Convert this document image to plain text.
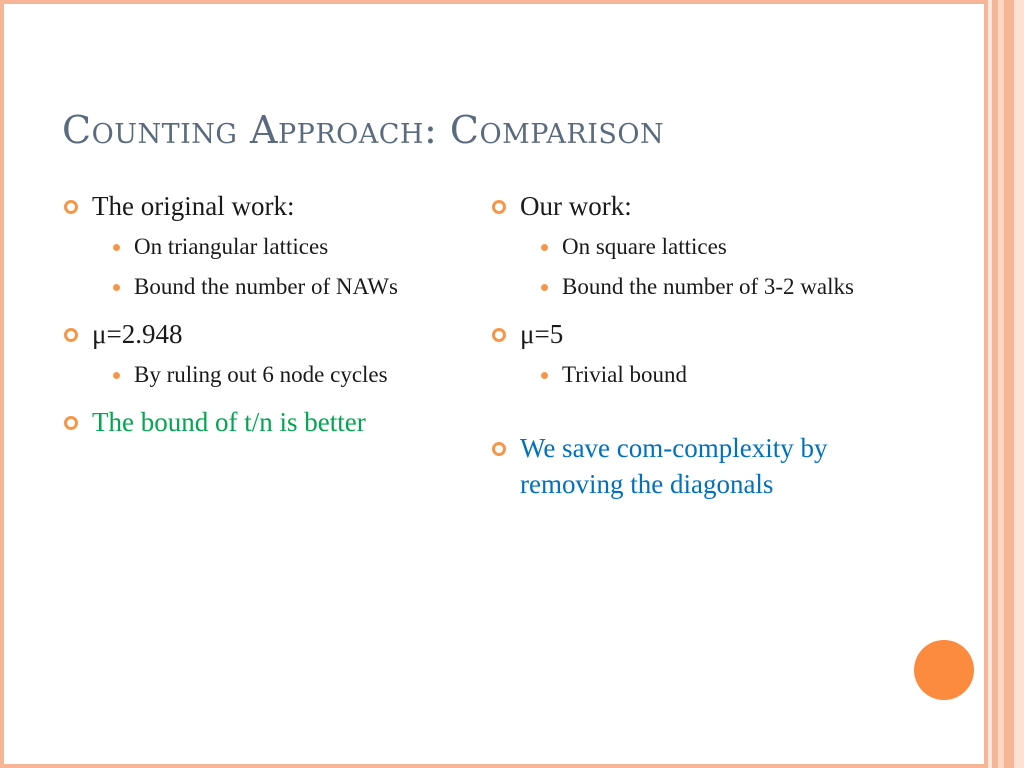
Counting Approach: Comparison
The original work:
On triangular lattices
Bound the number of NAWs
μ=2.948
By ruling out 6 node cycles
The bound of t/n is better
Our work:
On square lattices
Bound the number of 3-2 walks
μ=5
Trivial bound
We save com-complexity by removing the diagonals
